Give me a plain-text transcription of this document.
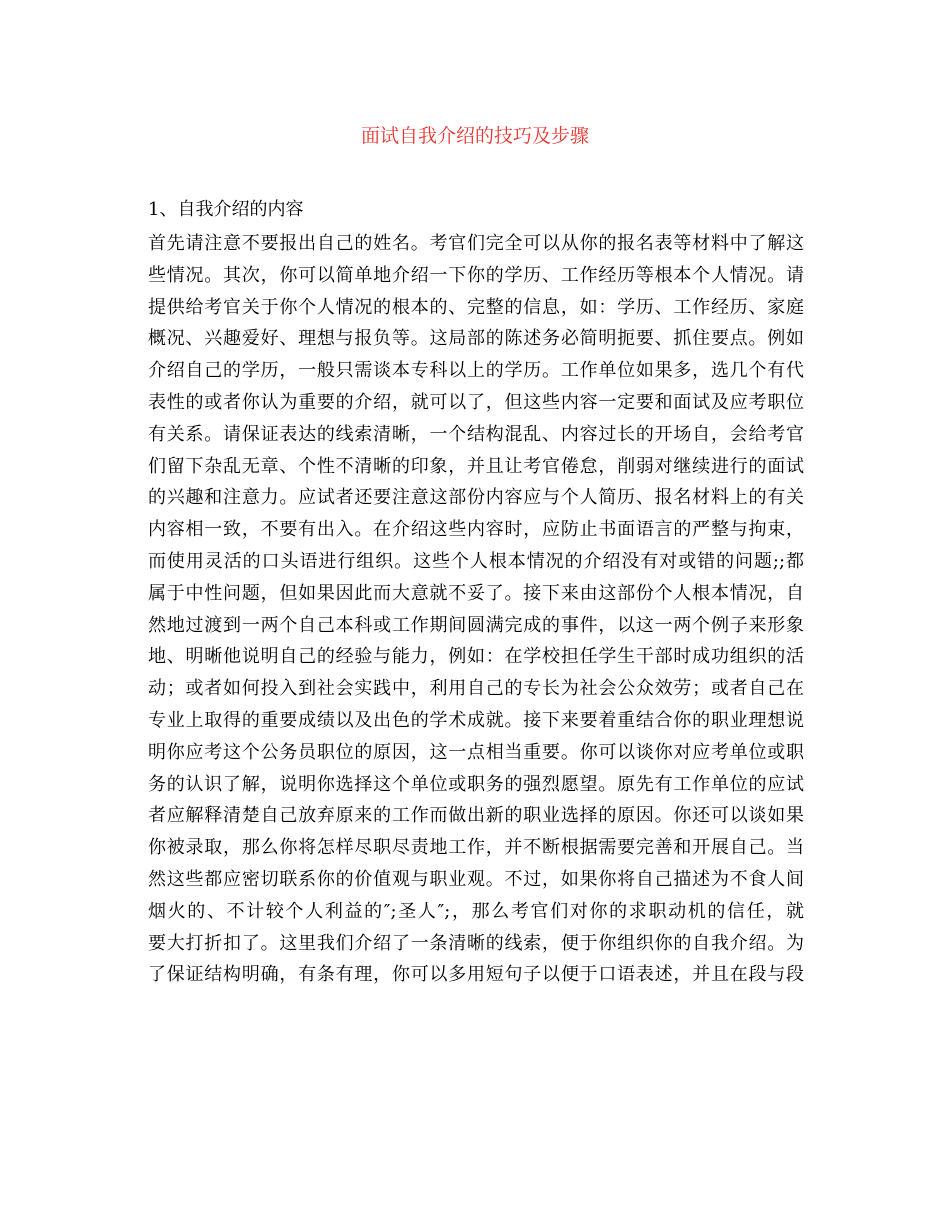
面试自我介绍的技巧及步骤
1、自我介绍的内容
首先请注意不要报出自己的姓名。考官们完全可以从你的报名表等材料中了解这
些情况。其次，你可以简单地介绍一下你的学历、工作经历等根本个人情况。请
提供给考官关于你个人情况的根本的、完整的信息，如：学历、工作经历、家庭
概况、兴趣爱好、理想与报负等。这局部的陈述务必简明扼要、抓住要点。例如
介绍自己的学历，一般只需谈本专科以上的学历。工作单位如果多，选几个有代
表性的或者你认为重要的介绍，就可以了，但这些内容一定要和面试及应考职位
有关系。请保证表达的线索清晰，一个结构混乱、内容过长的开场自，会给考官
们留下杂乱无章、个性不清晰的印象，并且让考官倦怠，削弱对继续进行的面试
的兴趣和注意力。应试者还要注意这部份内容应与个人简历、报名材料上的有关
内容相一致，不要有出入。在介绍这些内容时，应防止书面语言的严整与拘束，
而使用灵活的口头语进行组织。这些个人根本情况的介绍没有对或错的问题;;都
属于中性问题，但如果因此而大意就不妥了。接下来由这部份个人根本情况，自
然地过渡到一两个自己本科或工作期间圆满完成的事件，以这一两个例子来形象
地、明晰他说明自己的经验与能力，例如：在学校担任学生干部时成功组织的活
动；或者如何投入到社会实践中，利用自己的专长为社会公众效劳；或者自己在
专业上取得的重要成绩以及出色的学术成就。接下来要着重结合你的职业理想说
明你应考这个公务员职位的原因，这一点相当重要。你可以谈你对应考单位或职
务的认识了解，说明你选择这个单位或职务的强烈愿望。原先有工作单位的应试
者应解释清楚自己放弃原来的工作而做出新的职业选择的原因。你还可以谈如果
你被录取，那么你将怎样尽职尽责地工作，并不断根据需要完善和开展自己。当
然这些都应密切联系你的价值观与职业观。不过，如果你将自己描述为不食人间
烟火的、不计较个人利益的″;圣人″;，那么考官们对你的求职动机的信任，就
要大打折扣了。这里我们介绍了一条清晰的线索，便于你组织你的自我介绍。为
了保证结构明确，有条有理，你可以多用短句子以便于口语表述，并且在段与段
